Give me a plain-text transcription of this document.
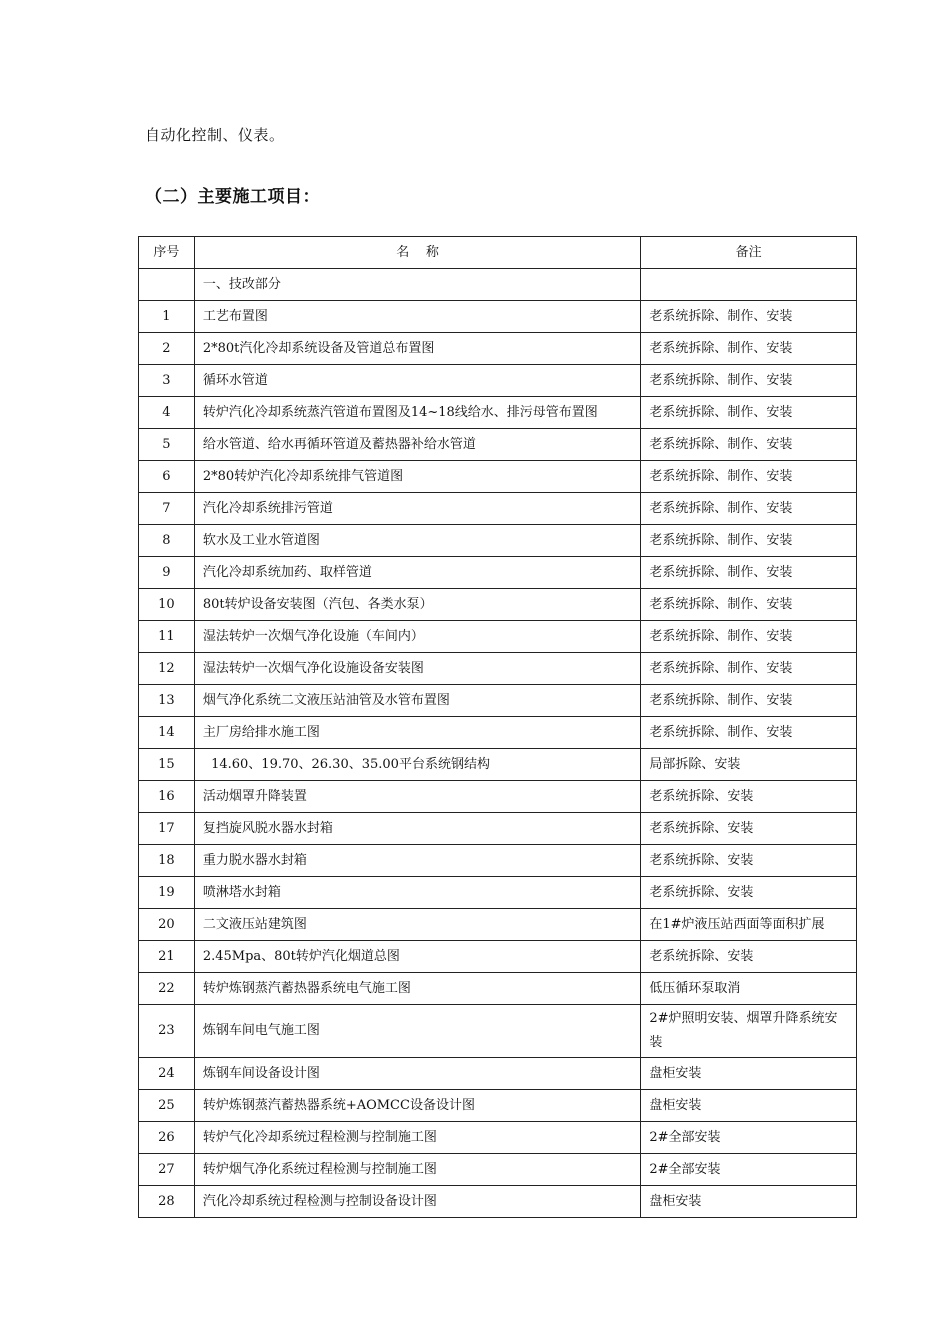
自动化控制、仪表。
（二）主要施工项目：
序号	名    称	备注
	一、技改部分	
1	工艺布置图	老系统拆除、制作、安装
2	2*80t汽化冷却系统设备及管道总布置图	老系统拆除、制作、安装
3	循环水管道	老系统拆除、制作、安装
4	转炉汽化冷却系统蒸汽管道布置图及14~18线给水、排污母管布置图	老系统拆除、制作、安装
5	给水管道、给水再循环管道及蓄热器补给水管道	老系统拆除、制作、安装
6	2*80转炉汽化冷却系统排气管道图	老系统拆除、制作、安装
7	汽化冷却系统排污管道	老系统拆除、制作、安装
8	软水及工业水管道图	老系统拆除、制作、安装
9	汽化冷却系统加药、取样管道	老系统拆除、制作、安装
10	80t转炉设备安装图（汽包、各类水泵）	老系统拆除、制作、安装
11	湿法转炉一次烟气净化设施（车间内）	老系统拆除、制作、安装
12	湿法转炉一次烟气净化设施设备安装图	老系统拆除、制作、安装
13	烟气净化系统二文液压站油管及水管布置图	老系统拆除、制作、安装
14	主厂房给排水施工图	老系统拆除、制作、安装
15	14.60、19.70、26.30、35.00平台系统钢结构	局部拆除、安装
16	活动烟罩升降装置	老系统拆除、安装
17	复挡旋风脱水器水封箱	老系统拆除、安装
18	重力脱水器水封箱	老系统拆除、安装
19	喷淋塔水封箱	老系统拆除、安装
20	二文液压站建筑图	在1#炉液压站西面等面积扩展
21	2.45Mpa、80t转炉汽化烟道总图	老系统拆除、安装
22	转炉炼钢蒸汽蓄热器系统电气施工图	低压循环泵取消
23	炼钢车间电气施工图	2#炉照明安装、烟罩升降系统安装
24	炼钢车间设备设计图	盘柜安装
25	转炉炼钢蒸汽蓄热器系统+AOMCC设备设计图	盘柜安装
26	转炉气化冷却系统过程检测与控制施工图	2#全部安装
27	转炉烟气净化系统过程检测与控制施工图	2#全部安装
28	汽化冷却系统过程检测与控制设备设计图	盘柜安装
